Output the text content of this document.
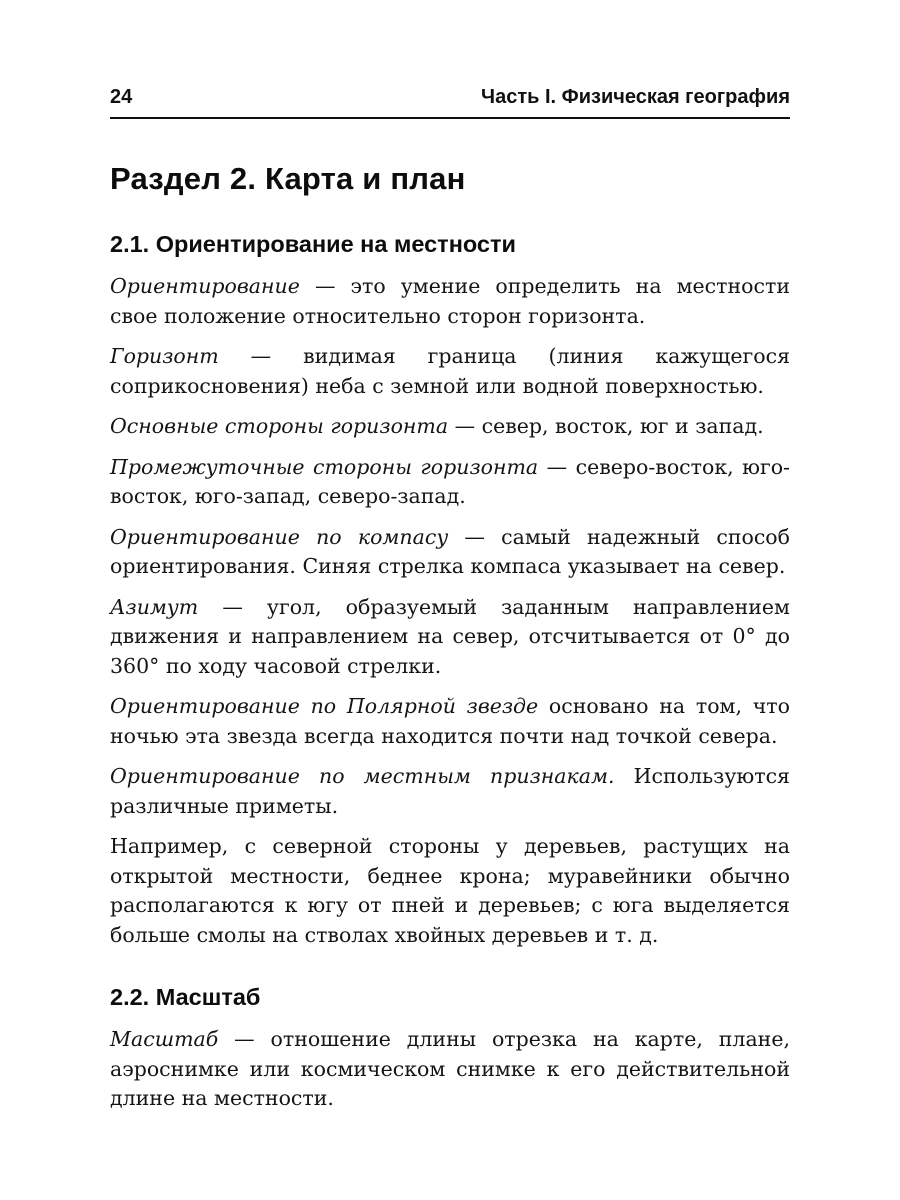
24	Часть I. Физическая география
Раздел 2. Карта и план
2.1. Ориентирование на местности

Ориентирование — это умение определить на местности свое положение относительно сторон горизонта.

Горизонт — видимая граница (линия кажущегося соприкосновения) неба с земной или водной поверхностью.

Основные стороны горизонта — север, восток, юг и запад.

Промежуточные стороны горизонта — северо-восток, юго-восток, юго-запад, северо-запад.

Ориентирование по компасу — самый надежный способ ориентирования. Синяя стрелка компаса указывает на север.

Азимут — угол, образуемый заданным направлением движения и направлением на север, отсчитывается от 0° до 360° по ходу часовой стрелки.

Ориентирование по Полярной звезде основано на том, что ночью эта звезда всегда находится почти над точкой севера.

Ориентирование по местным признакам. Используются различные приметы.

Например, с северной стороны у деревьев, растущих на открытой местности, беднее крона; муравейники обычно располагаются к югу от пней и деревьев; с юга выделяется больше смолы на стволах хвойных деревьев и т. д.

2.2. Масштаб

Масштаб — отношение длины отрезка на карте, плане, аэроснимке или космическом снимке к его действительной длине на местности.
